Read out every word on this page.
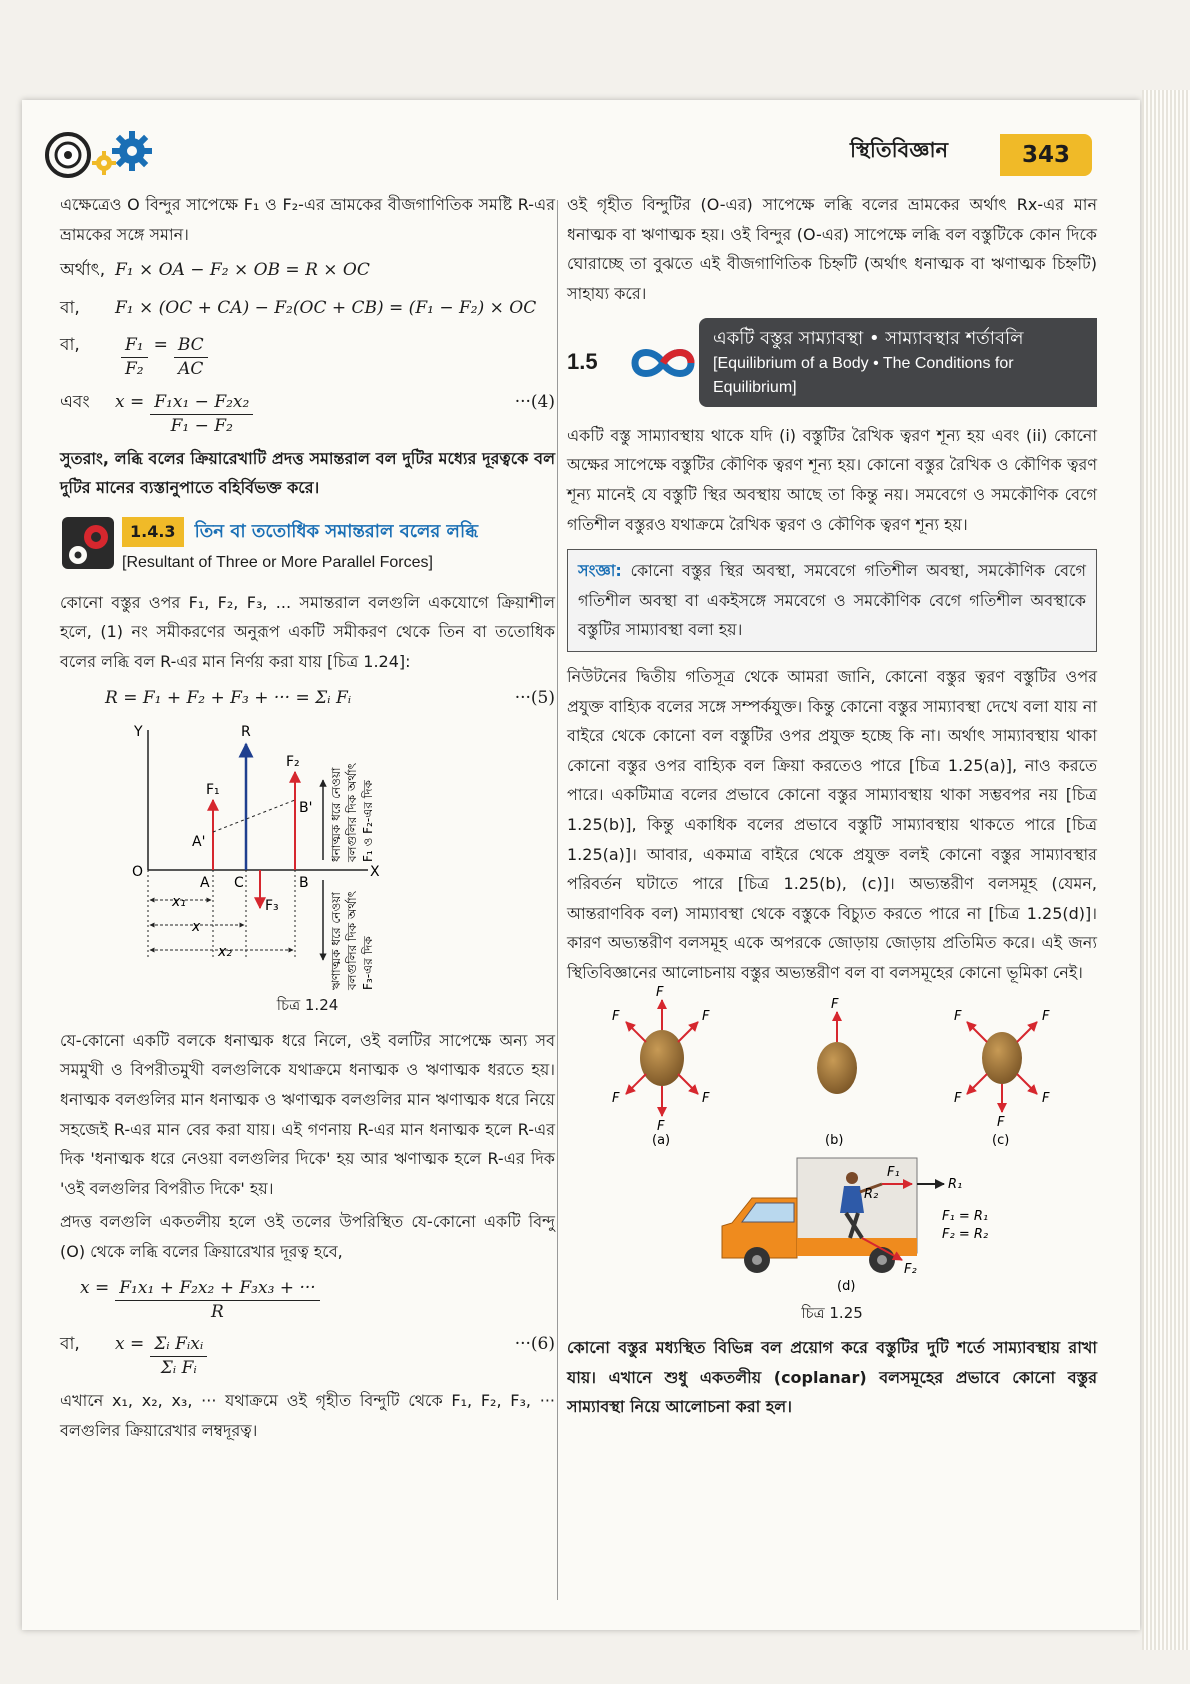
স্থিতিবিজ্ঞান	343

এক্ষেত্রেও O বিন্দুর সাপেক্ষে F₁ ও F₂-এর ভ্রামকের বীজগাণিতিক সমষ্টি R-এর ভ্রামকের সঙ্গে সমান।

অর্থাৎ, F₁ × OA − F₂ × OB = R × OC
বা,	F₁ × (OC + CA) − F₂(OC + CB) = (F₁ − F₂) × OC
বা,	$\frac{\text{F₁}}{\text{F₂}} = \frac{BC}{AC}$
এবং	$x = \frac{\text{F₁x₁ − F₂x₂}}{\text{F₁ − F₂}}$	···(4)

সুতরাং, লব্ধি বলের ক্রিয়ারেখাটি প্রদত্ত সমান্তরাল বল দুটির মধ্যের দূরত্বকে বল দুটির মানের ব্যস্তানুপাতে বহির্বিভক্ত করে।

1.4.3 তিন বা ততোধিক সমান্তরাল বলের লব্ধি
[Resultant of Three or More Parallel Forces]

কোনো বস্তুর ওপর F₁, F₂, F₃, ... সমান্তরাল বলগুলি একযোগে ক্রিয়াশীল হলে, (1) নং সমীকরণের অনুরূপ একটি সমীকরণ থেকে তিন বা ততোধিক বলের লব্ধি বল R-এর মান নির্ণয় করা যায় [চিত্র 1.24]:

R = F₁ + F₂ + F₃ + ··· = Σᵢ Fᵢ	···(5)
Y
O	X
F₁
R
F₂
F₃
A'
B'
A C	B
x₁
x
x₂
ধনাত্মক ধরে নেওয়া বলগুলির দিক অর্থাৎ F₁ ও F₂-এর দিক
ঋণাত্মক ধরে নেওয়া বলগুলির দিক অর্থাৎ F₃-এর দিক
চিত্র 1.24

যে-কোনো একটি বলকে ধনাত্মক ধরে নিলে, ওই বলটির সাপেক্ষে অন্য সব সমমুখী ও বিপরীতমুখী বলগুলিকে যথাক্রমে ধনাত্মক ও ঋণাত্মক ধরতে হয়। ধনাত্মক বলগুলির মান ধনাত্মক ও ঋণাত্মক বলগুলির মান ঋণাত্মক ধরে নিয়ে সহজেই R-এর মান বের করা যায়। এই গণনায় R-এর মান ধনাত্মক হলে R-এর দিক 'ধনাত্মক ধরে নেওয়া বলগুলির দিকে' হয় আর ঋণাত্মক হলে R-এর দিক 'ওই বলগুলির বিপরীত দিকে' হয়।

প্রদত্ত বলগুলি একতলীয় হলে ওই তলের উপরিস্থিত যে-কোনো একটি বিন্দু (O) থেকে লব্ধি বলের ক্রিয়ারেখার দূরত্ব হবে,

$x = \frac{\text{F₁x₁ + F₂x₂ + F₃x₃ + ···}}{R}$
বা,	$x = \frac{\text{Σᵢ Fᵢxᵢ}}{\text{Σᵢ Fᵢ}}$	···(6)

এখানে x₁, x₂, x₃, ··· যথাক্রমে ওই গৃহীত বিন্দুটি থেকে F₁, F₂, F₃, ··· বলগুলির ক্রিয়ারেখার লম্বদূরত্ব।

ওই গৃহীত বিন্দুটির (O-এর) সাপেক্ষে লব্ধি বলের ভ্রামকের অর্থাৎ Rx-এর মান ধনাত্মক বা ঋণাত্মক হয়। ওই বিন্দুর (O-এর) সাপেক্ষে লব্ধি বল বস্তুটিকে কোন দিকে ঘোরাচ্ছে তা বুঝতে এই বীজগাণিতিক চিহ্নটি (অর্থাৎ ধনাত্মক বা ঋণাত্মক চিহ্নটি) সাহায্য করে।

1.5
একটি বস্তুর সাম্যাবস্থা • সাম্যাবস্থার শর্তাবলি
[Equilibrium of a Body • The Conditions for Equilibrium]

একটি বস্তু সাম্যাবস্থায় থাকে যদি (i) বস্তুটির রৈখিক ত্বরণ শূন্য হয় এবং (ii) কোনো অক্ষের সাপেক্ষে বস্তুটির কৌণিক ত্বরণ শূন্য হয়। কোনো বস্তুর রৈখিক ও কৌণিক ত্বরণ শূন্য মানেই যে বস্তুটি স্থির অবস্থায় আছে তা কিন্তু নয়। সমবেগে ও সমকৌণিক বেগে গতিশীল বস্তুরও যথাক্রমে রৈখিক ত্বরণ ও কৌণিক ত্বরণ শূন্য হয়।

সংজ্ঞা: কোনো বস্তুর স্থির অবস্থা, সমবেগে গতিশীল অবস্থা, সমকৌণিক বেগে গতিশীল অবস্থা বা একইসঙ্গে সমবেগে ও সমকৌণিক বেগে গতিশীল অবস্থাকে বস্তুটির সাম্যাবস্থা বলা হয়।

নিউটনের দ্বিতীয় গতিসূত্র থেকে আমরা জানি, কোনো বস্তুর ত্বরণ বস্তুটির ওপর প্রযুক্ত বাহ্যিক বলের সঙ্গে সম্পর্কযুক্ত। কিন্তু কোনো বস্তুর সাম্যাবস্থা দেখে বলা যায় না বাইরে থেকে কোনো বল বস্তুটির ওপর প্রযুক্ত হচ্ছে কি না। অর্থাৎ সাম্যাবস্থায় থাকা কোনো বস্তুর ওপর বাহ্যিক বল ক্রিয়া করতেও পারে [চিত্র 1.25(a)], নাও করতে পারে। একটিমাত্র বলের প্রভাবে কোনো বস্তুর সাম্যাবস্থায় থাকা সম্ভবপর নয় [চিত্র 1.25(b)], কিন্তু একাধিক বলের প্রভাবে বস্তুটি সাম্যাবস্থায় থাকতে পারে [চিত্র 1.25(a)]। আবার, একমাত্র বাইরে থেকে প্রযুক্ত বলই কোনো বস্তুর সাম্যাবস্থার পরিবর্তন ঘটাতে পারে [চিত্র 1.25(b), (c)]। অভ্যন্তরীণ বলসমূহ (যেমন, আন্তরাণবিক বল) সাম্যাবস্থা থেকে বস্তুকে বিচ্যুত করতে পারে না [চিত্র 1.25(d)]। কারণ অভ্যন্তরীণ বলসমূহ একে অপরকে জোড়ায় জোড়ায় প্রতিমিত করে। এই জন্য স্থিতিবিজ্ঞানের আলোচনায় বস্তুর অভ্যন্তরীণ বল বা বলসমূহের কোনো ভূমিকা নেই।

F
F	F
F	F
F
(a)
F
(b)
F	F
F	F
F
(c)
F₁
R₁
F₂
R₂
F₁ = R₁
F₂ = R₂
(d)
চিত্র 1.25

কোনো বস্তুর মধ্যস্থিত বিভিন্ন বল প্রয়োগ করে বস্তুটির দুটি শর্তে সাম্যাবস্থায় রাখা যায়। এখানে শুধু একতলীয় (coplanar) বলসমূহের প্রভাবে কোনো বস্তুর সাম্যাবস্থা নিয়ে আলোচনা করা হল।
